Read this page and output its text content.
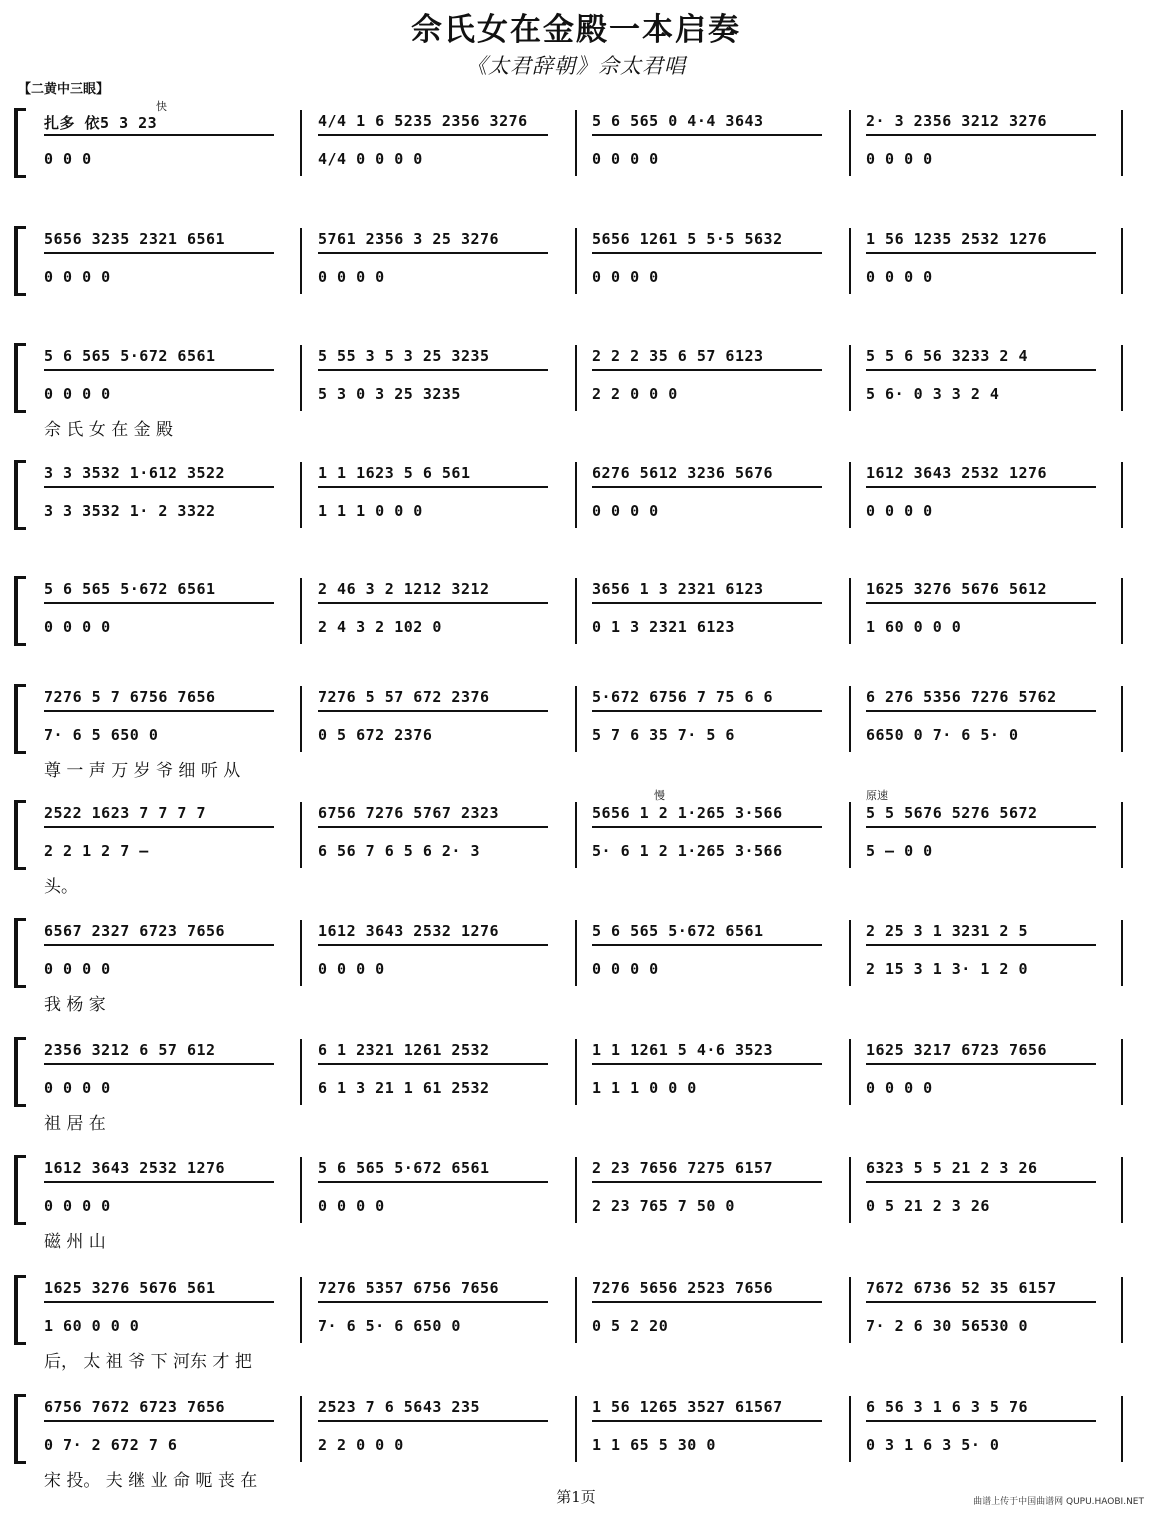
佘氏女在金殿一本启奏
《太君辞朝》佘太君唱
【二黄中三眼】
扎多 依5 3 23
0 0 0
4/4 1 6 5235 2356 3276
4/4 0 0 0 0
5 6 565 0 4·4 3643
0 0 0 0
2· 3 2356 3212 3276
0 0 0 0
5656 3235 2321 6561
0 0 0 0
5761 2356 3 25 3276
0 0 0 0
5656 1261 5 5·5 5632
0 0 0 0
1 56 1235 2532 1276
0 0 0 0
5 6 565 5·672 6561
0 0 0 0
5 55 3 5 3 25 3235
5 3 0 3 25 3235
2 2 2 35 6 57 6123
2 2 0 0 0
5 5 6 56 3233 2 4
5 6· 0 3 3 2 4
佘 氏 女 在 金 殿
3 3 3532 1·612 3522
3 3 3532 1· 2 3322
1 1 1623 5 6 561
1 1 1 0 0 0
6276 5612 3236 5676
0 0 0 0
1612 3643 2532 1276
0 0 0 0
5 6 565 5·672 6561
0 0 0 0
2 46 3 2 1212 3212
2 4 3 2 102 0
3656 1 3 2321 6123
0 1 3 2321 6123
1625 3276 5676 5612
1 60 0 0 0
7276 5 7 6756 7656
7· 6 5 650 0
7276 5 57 672 2376
0 5 672 2376
5·672 6756 7 75 6 6
5 7 6 35 7· 5 6
6 276 5356 7276 5762
6650 0 7· 6 5· 0
尊 一 声 万 岁 爷 细 听 从
2522 1623 7 7 7 7
2 2 1 2 7 —
6756 7276 5767 2323
6 56 7 6 5 6 2· 3
5656 1 2 1·265 3·566
5· 6 1 2 1·265 3·566
5 5 5676 5276 5672
5 — 0 0
头。
6567 2327 6723 7656
0 0 0 0
1612 3643 2532 1276
0 0 0 0
5 6 565 5·672 6561
0 0 0 0
2 25 3 1 3231 2 5
2 15 3 1 3· 1 2 0
我 杨 家
2356 3212 6 57 612
0 0 0 0
6 1 2321 1261 2532
6 1 3 21 1 61 2532
1 1 1261 5 4·6 3523
1 1 1 0 0 0
1625 3217 6723 7656
0 0 0 0
祖 居 在
1612 3643 2532 1276
0 0 0 0
5 6 565 5·672 6561
0 0 0 0
2 23 7656 7275 6157
2 23 765 7 50 0
6323 5 5 21 2 3 26
0 5 21 2 3 26
磁 州 山
1625 3276 5676 561
1 60 0 0 0
7276 5357 6756 7656
7· 6 5· 6 650 0
7276 5656 2523 7656
0 5 2 20
7672 6736 52 35 6157
7· 2 6 30 56530 0
后， 太 祖 爷 下 河东 才 把
6756 7672 6723 7656
0 7· 2 672 7 6
2523 7 6 5643 235
2 2 0 0 0
1 56 1265 3527 61567
1 1 65 5 30 0
6 56 3 1 6 3 5 76
0 3 1 6 3 5· 0
宋 投。 夫 继 业 命 呃 丧 在
快
慢	原速
第1页	曲谱上传于中国曲谱网 QUPU.HAOBI.NET
